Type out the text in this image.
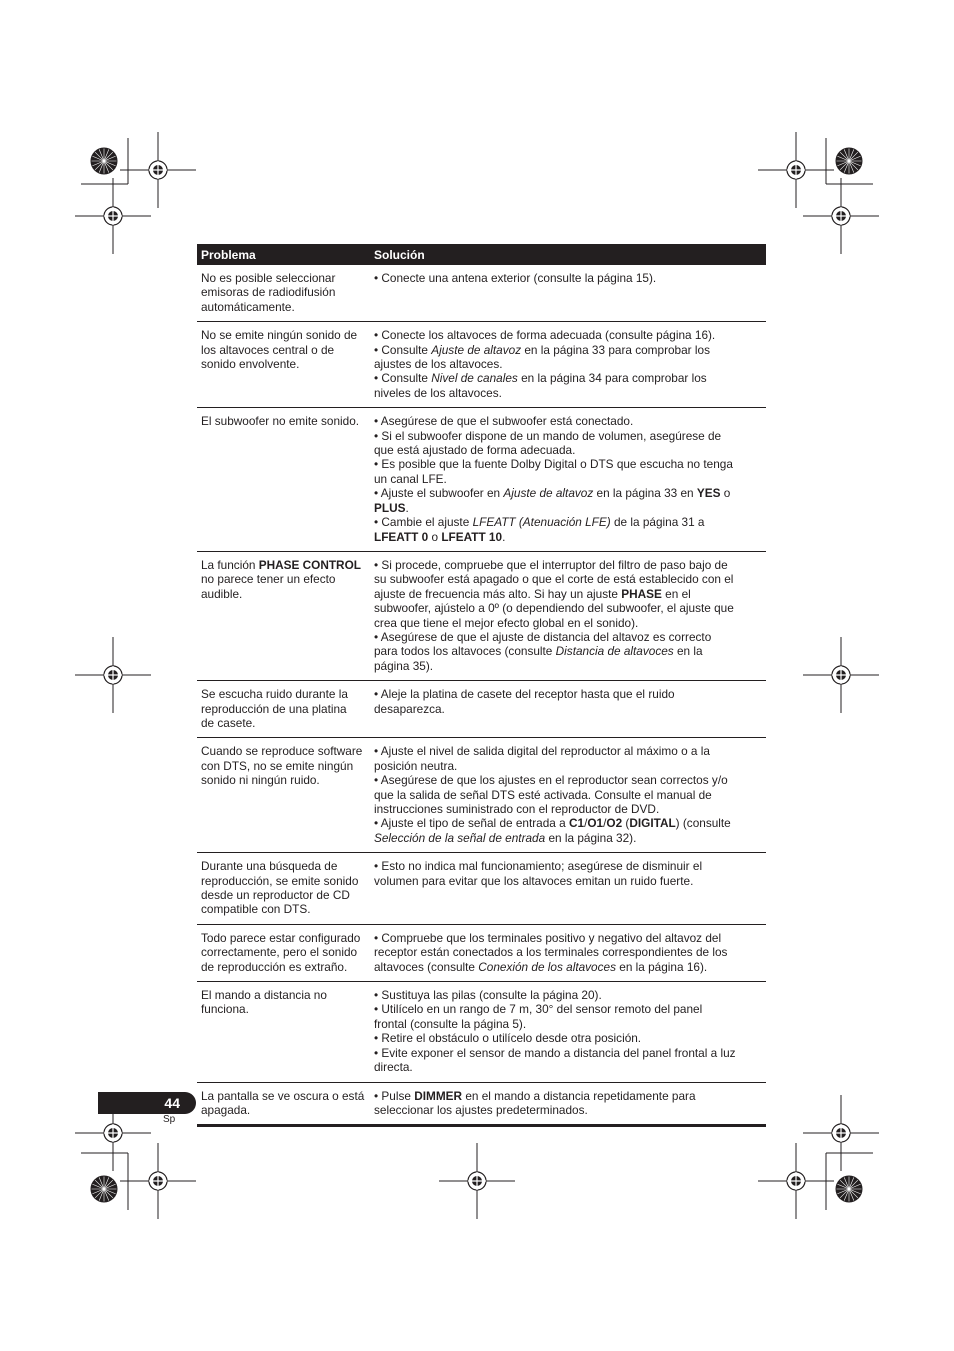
Problema	Solución
No es posible seleccionar
emisoras de radiodifusión
automáticamente.
• Conecte una antena exterior (consulte la página 15).
No se emite ningún sonido de
los altavoces central o de
sonido envolvente.
• Conecte los altavoces de forma adecuada (consulte página 16).
• Consulte Ajuste de altavoz en la página 33 para comprobar los
ajustes de los altavoces.
• Consulte Nivel de canales en la página 34 para comprobar los
niveles de los altavoces.
El subwoofer no emite sonido.	• Asegúrese de que el subwoofer está conectado.
• Si el subwoofer dispone de un mando de volumen, asegúrese de
que está ajustado de forma adecuada.
• Es posible que la fuente Dolby Digital o DTS que escucha no tenga
un canal LFE.
• Ajuste el subwoofer en Ajuste de altavoz en la página 33 en YES o
PLUS.
• Cambie el ajuste LFEATT (Atenuación LFE) de la página 31 a
LFEATT 0 o LFEATT 10.
La función PHASE CONTROL
no parece tener un efecto
audible.
• Si procede, compruebe que el interruptor del filtro de paso bajo de
su subwoofer está apagado o que el corte de está establecido con el
ajuste de frecuencia más alto. Si hay un ajuste PHASE en el
subwoofer, ajústelo a 0º (o dependiendo del subwoofer, el ajuste que
crea que tiene el mejor efecto global en el sonido).
• Asegúrese de que el ajuste de distancia del altavoz es correcto
para todos los altavoces (consulte Distancia de altavoces en la
página 35).
Se escucha ruido durante la
reproducción de una platina
de casete.
• Aleje la platina de casete del receptor hasta que el ruido
desaparezca.
Cuando se reproduce software
con DTS, no se emite ningún
sonido ni ningún ruido.
• Ajuste el nivel de salida digital del reproductor al máximo o a la
posición neutra.
• Asegúrese de que los ajustes en el reproductor sean correctos y/o
que la salida de señal DTS esté activada. Consulte el manual de
instrucciones suministrado con el reproductor de DVD.
• Ajuste el tipo de señal de entrada a C1/O1/O2 (DIGITAL) (consulte
Selección de la señal de entrada en la página 32).
Durante una búsqueda de
reproducción, se emite sonido
desde un reproductor de CD
compatible con DTS.
• Esto no indica mal funcionamiento; asegúrese de disminuir el
volumen para evitar que los altavoces emitan un ruido fuerte.
Todo parece estar configurado
correctamente, pero el sonido
de reproducción es extraño.
• Compruebe que los terminales positivo y negativo del altavoz del
receptor están conectados a los terminales correspondientes de los
altavoces (consulte Conexión de los altavoces en la página 16).
El mando a distancia no
funciona.
• Sustituya las pilas (consulte la página 20).
• Utilícelo en un rango de 7 m, 30° del sensor remoto del panel
frontal (consulte la página 5).
• Retire el obstáculo o utilícelo desde otra posición.
• Evite exponer el sensor de mando a distancia del panel frontal a luz
directa.
La pantalla se ve oscura o está
apagada.
• Pulse DIMMER en el mando a distancia repetidamente para
seleccionar los ajustes predeterminados.
44
Sp
